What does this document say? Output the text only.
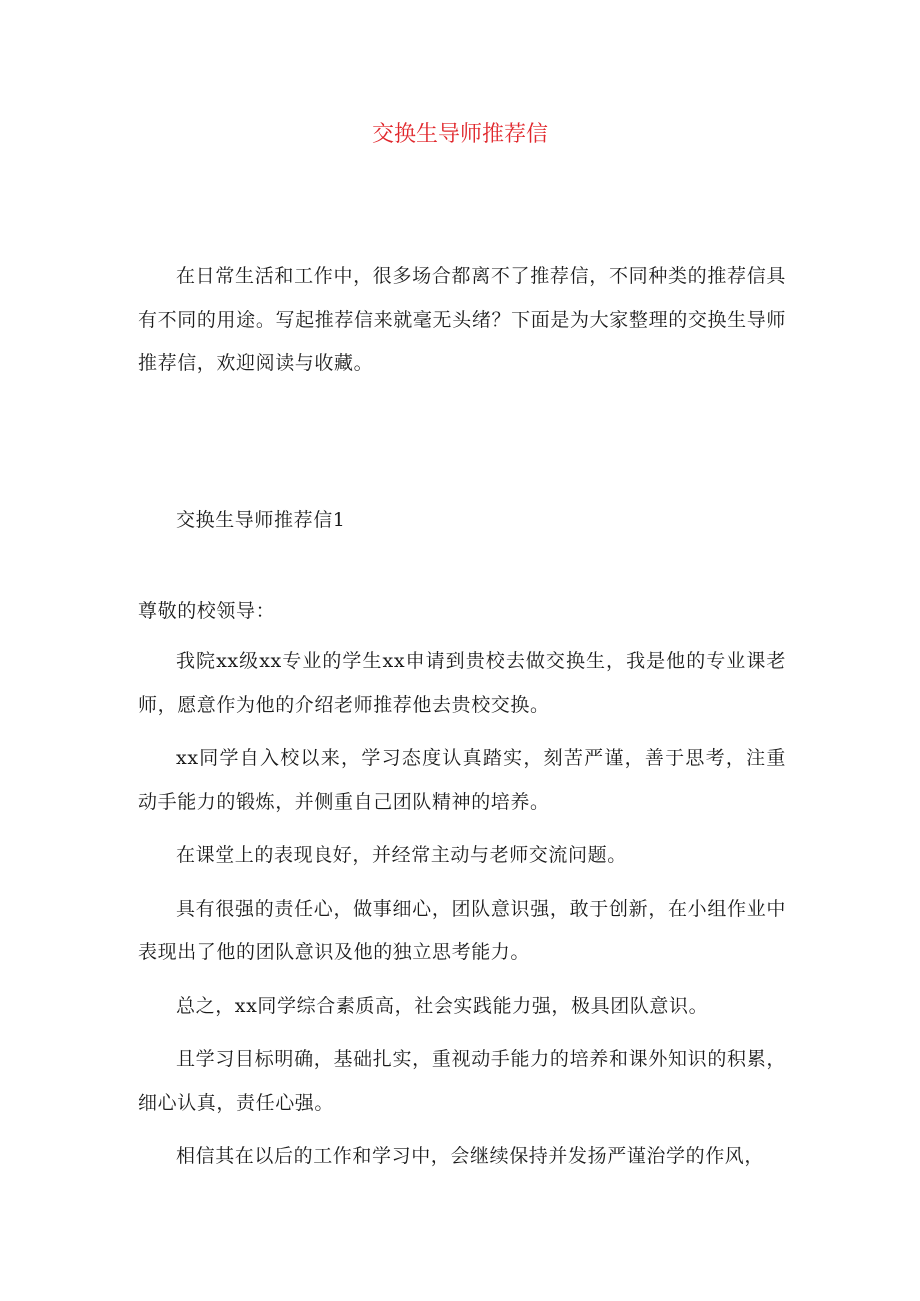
交换生导师推荐信

在日常生活和工作中，很多场合都离不了推荐信，不同种类的推荐信具有不同的用途。写起推荐信来就毫无头绪？下面是为大家整理的交换生导师推荐信，欢迎阅读与收藏。

交换生导师推荐信1

尊敬的校领导：

我院xx级xx专业的学生xx申请到贵校去做交换生，我是他的专业课老师，愿意作为他的介绍老师推荐他去贵校交换。

xx同学自入校以来，学习态度认真踏实，刻苦严谨，善于思考，注重动手能力的锻炼，并侧重自己团队精神的培养。

在课堂上的表现良好，并经常主动与老师交流问题。

具有很强的责任心，做事细心，团队意识强，敢于创新，在小组作业中表现出了他的团队意识及他的独立思考能力。

总之，xx同学综合素质高，社会实践能力强，极具团队意识。

且学习目标明确，基础扎实，重视动手能力的培养和课外知识的积累，细心认真，责任心强。

相信其在以后的工作和学习中，会继续保持并发扬严谨治学的作风，
